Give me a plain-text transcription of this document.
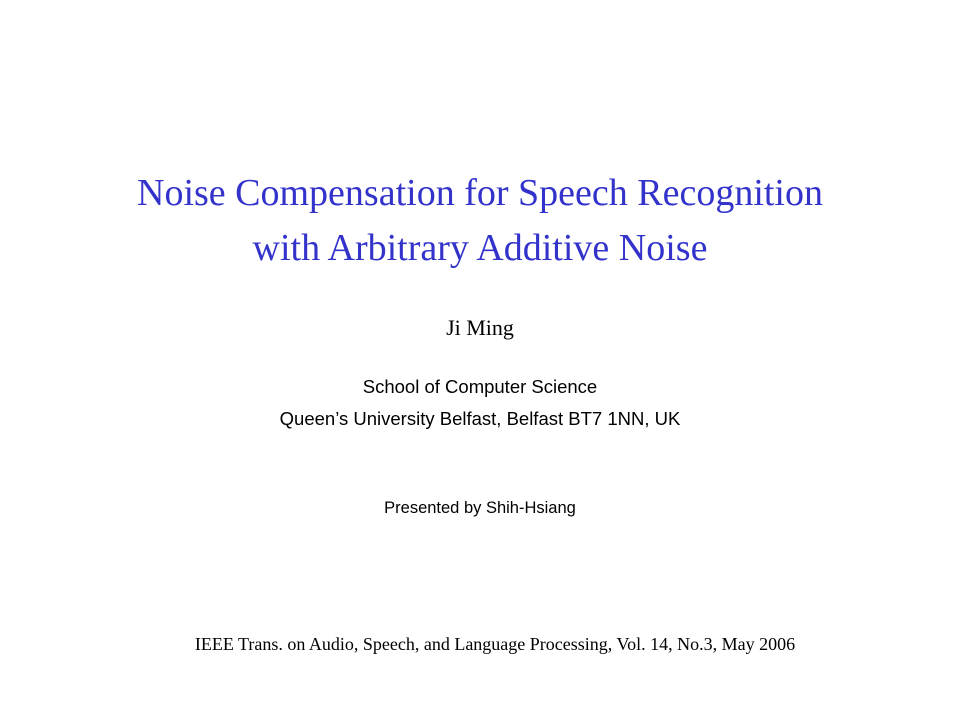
Noise Compensation for Speech Recognition
with Arbitrary Additive Noise
Ji Ming
School of Computer Science
Queen’s University Belfast, Belfast BT7 1NN, UK
Presented by Shih-Hsiang
IEEE Trans. on Audio, Speech, and Language Processing, Vol. 14, No.3, May 2006
